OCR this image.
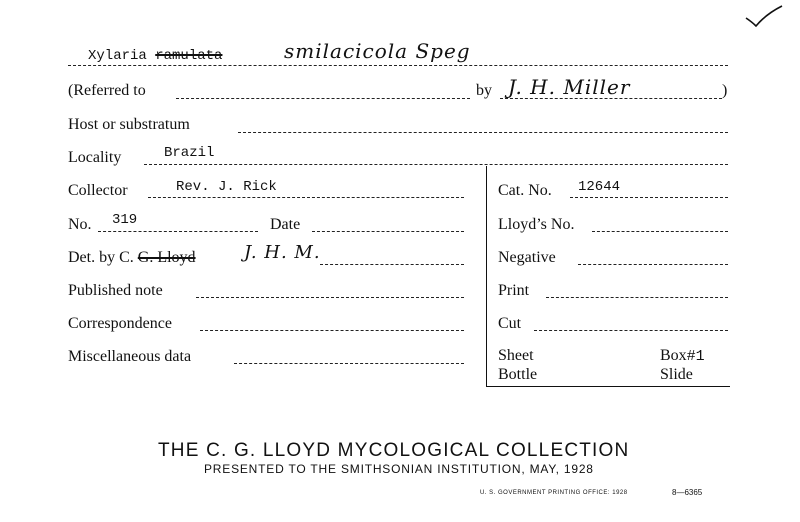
Xylaria ramulata	smilacicola Speg
(Referred to	by J. H. Miller	)
Host or substratum
Locality	Brazil
Collector	Rev. J. Rick	Cat. No. 12644
No. 319	Date	Lloyd’s No.
Det. by C. G. Lloyd	J. H. M.	Negative
Published note	Print
Correspondence	Cut
Miscellaneous data	Sheet	Box#1
Bottle	Slide
THE C. G. LLOYD MYCOLOGICAL COLLECTION
PRESENTED TO THE SMITHSONIAN INSTITUTION, MAY, 1928
U. S. GOVERNMENT PRINTING OFFICE: 1928	8—6365
